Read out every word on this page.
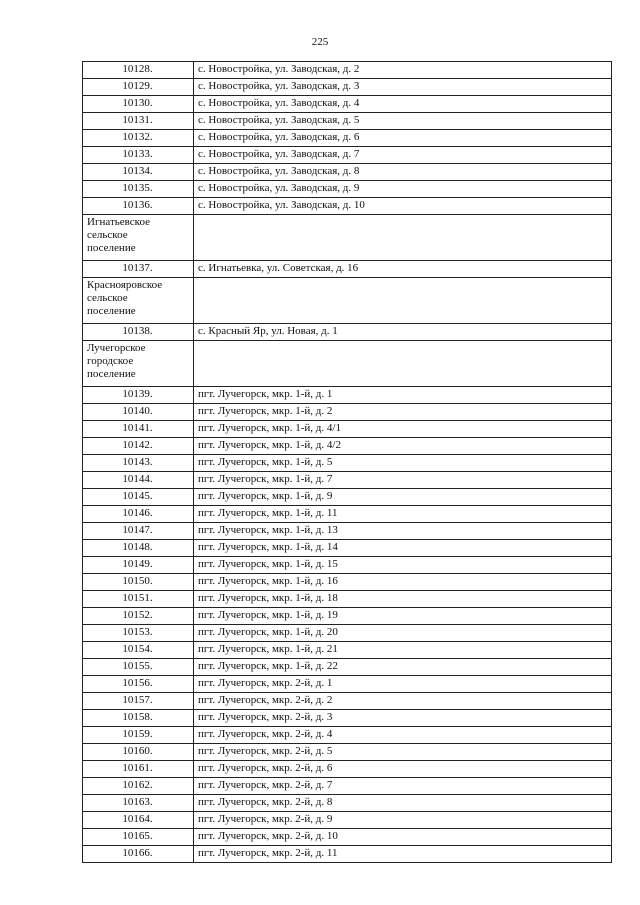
225
10128.	с. Новостройка, ул. Заводская, д. 2
10129.	с. Новостройка, ул. Заводская, д. 3
10130.	с. Новостройка, ул. Заводская, д. 4
10131.	с. Новостройка, ул. Заводская, д. 5
10132.	с. Новостройка, ул. Заводская, д. 6
10133.	с. Новостройка, ул. Заводская, д. 7
10134.	с. Новостройка, ул. Заводская, д. 8
10135.	с. Новостройка, ул. Заводская, д. 9
10136.	с. Новостройка, ул. Заводская, д. 10

Игнатьевское
сельское
поселение	

10137.	с. Игнатьевка, ул. Советская, д. 16

Краснояровское
сельское
поселение	

10138.	с. Красный Яр, ул. Новая, д. 1

Лучегорское
городское
поселение	

10139.	пгт. Лучегорск, мкр. 1-й, д. 1
10140.	пгт. Лучегорск, мкр. 1-й, д. 2
10141.	пгт. Лучегорск, мкр. 1-й, д. 4/1
10142.	пгт. Лучегорск, мкр. 1-й, д. 4/2
10143.	пгт. Лучегорск, мкр. 1-й, д. 5
10144.	пгт. Лучегорск, мкр. 1-й, д. 7
10145.	пгт. Лучегорск, мкр. 1-й, д. 9
10146.	пгт. Лучегорск, мкр. 1-й, д. 11
10147.	пгт. Лучегорск, мкр. 1-й, д. 13
10148.	пгт. Лучегорск, мкр. 1-й, д. 14
10149.	пгт. Лучегорск, мкр. 1-й, д. 15
10150.	пгт. Лучегорск, мкр. 1-й, д. 16
10151.	пгт. Лучегорск, мкр. 1-й, д. 18
10152.	пгт. Лучегорск, мкр. 1-й, д. 19
10153.	пгт. Лучегорск, мкр. 1-й, д. 20
10154.	пгт. Лучегорск, мкр. 1-й, д. 21
10155.	пгт. Лучегорск, мкр. 1-й, д. 22
10156.	пгт. Лучегорск, мкр. 2-й, д. 1
10157.	пгт. Лучегорск, мкр. 2-й, д. 2
10158.	пгт. Лучегорск, мкр. 2-й, д. 3
10159.	пгт. Лучегорск, мкр. 2-й, д. 4
10160.	пгт. Лучегорск, мкр. 2-й, д. 5
10161.	пгт. Лучегорск, мкр. 2-й, д. 6
10162.	пгт. Лучегорск, мкр. 2-й, д. 7
10163.	пгт. Лучегорск, мкр. 2-й, д. 8
10164.	пгт. Лучегорск, мкр. 2-й, д. 9
10165.	пгт. Лучегорск, мкр. 2-й, д. 10
10166.	пгт. Лучегорск, мкр. 2-й, д. 11
